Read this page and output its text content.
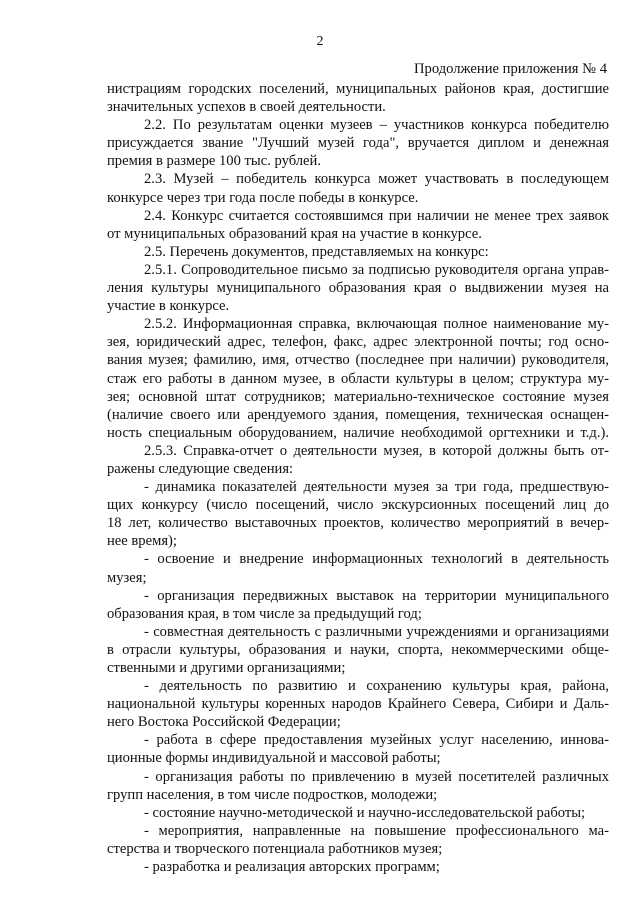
2
Продолжение приложения № 4
нистрациям городских поселений, муниципальных районов края, достигшие
значительных успехов в своей деятельности.
2.2. По результатам оценки музеев – участников конкурса победителю
присуждается звание "Лучший музей года", вручается диплом и денежная
премия в размере 100 тыс. рублей.
2.3. Музей – победитель конкурса может участвовать в последующем
конкурсе через три года после победы в конкурсе.
2.4. Конкурс считается состоявшимся при наличии не менее трех заявок
от муниципальных образований края на участие в конкурсе.
2.5. Перечень документов, представляемых на конкурс:
2.5.1. Сопроводительное письмо за подписью руководителя органа управ-
ления культуры муниципального образования края о выдвижении музея на
участие в конкурсе.
2.5.2. Информационная справка, включающая полное наименование му-
зея, юридический адрес, телефон, факс, адрес электронной почты; год осно-
вания музея; фамилию, имя, отчество (последнее при наличии) руководителя,
стаж его работы в данном музее, в области культуры в целом; структура му-
зея; основной штат сотрудников; материально-техническое состояние музея
(наличие своего или арендуемого здания, помещения, техническая оснащен-
ность специальным оборудованием, наличие необходимой оргтехники и т.д.).
2.5.3. Справка-отчет о деятельности музея, в которой должны быть от-
ражены следующие сведения:
- динамика показателей деятельности музея за три года, предшествую-
щих конкурсу (число посещений, число экскурсионных посещений лиц до
18 лет, количество выставочных проектов, количество мероприятий в вечер-
нее время);
- освоение и внедрение информационных технологий в деятельность
музея;
- организация передвижных выставок на территории муниципального
образования края, в том числе за предыдущий год;
- совместная деятельность с различными учреждениями и организациями
в отрасли культуры, образования и науки, спорта, некоммерческими обще-
ственными и другими организациями;
- деятельность по развитию и сохранению культуры края, района,
национальной культуры коренных народов Крайнего Севера, Сибири и Даль-
него Востока Российской Федерации;
- работа в сфере предоставления музейных услуг населению, иннова-
ционные формы индивидуальной и массовой работы;
- организация работы по привлечению в музей посетителей различных
групп населения, в том числе подростков, молодежи;
- состояние научно-методической и научно-исследовательской работы;
- мероприятия, направленные на повышение профессионального ма-
стерства и творческого потенциала работников музея;
- разработка и реализация авторских программ;
